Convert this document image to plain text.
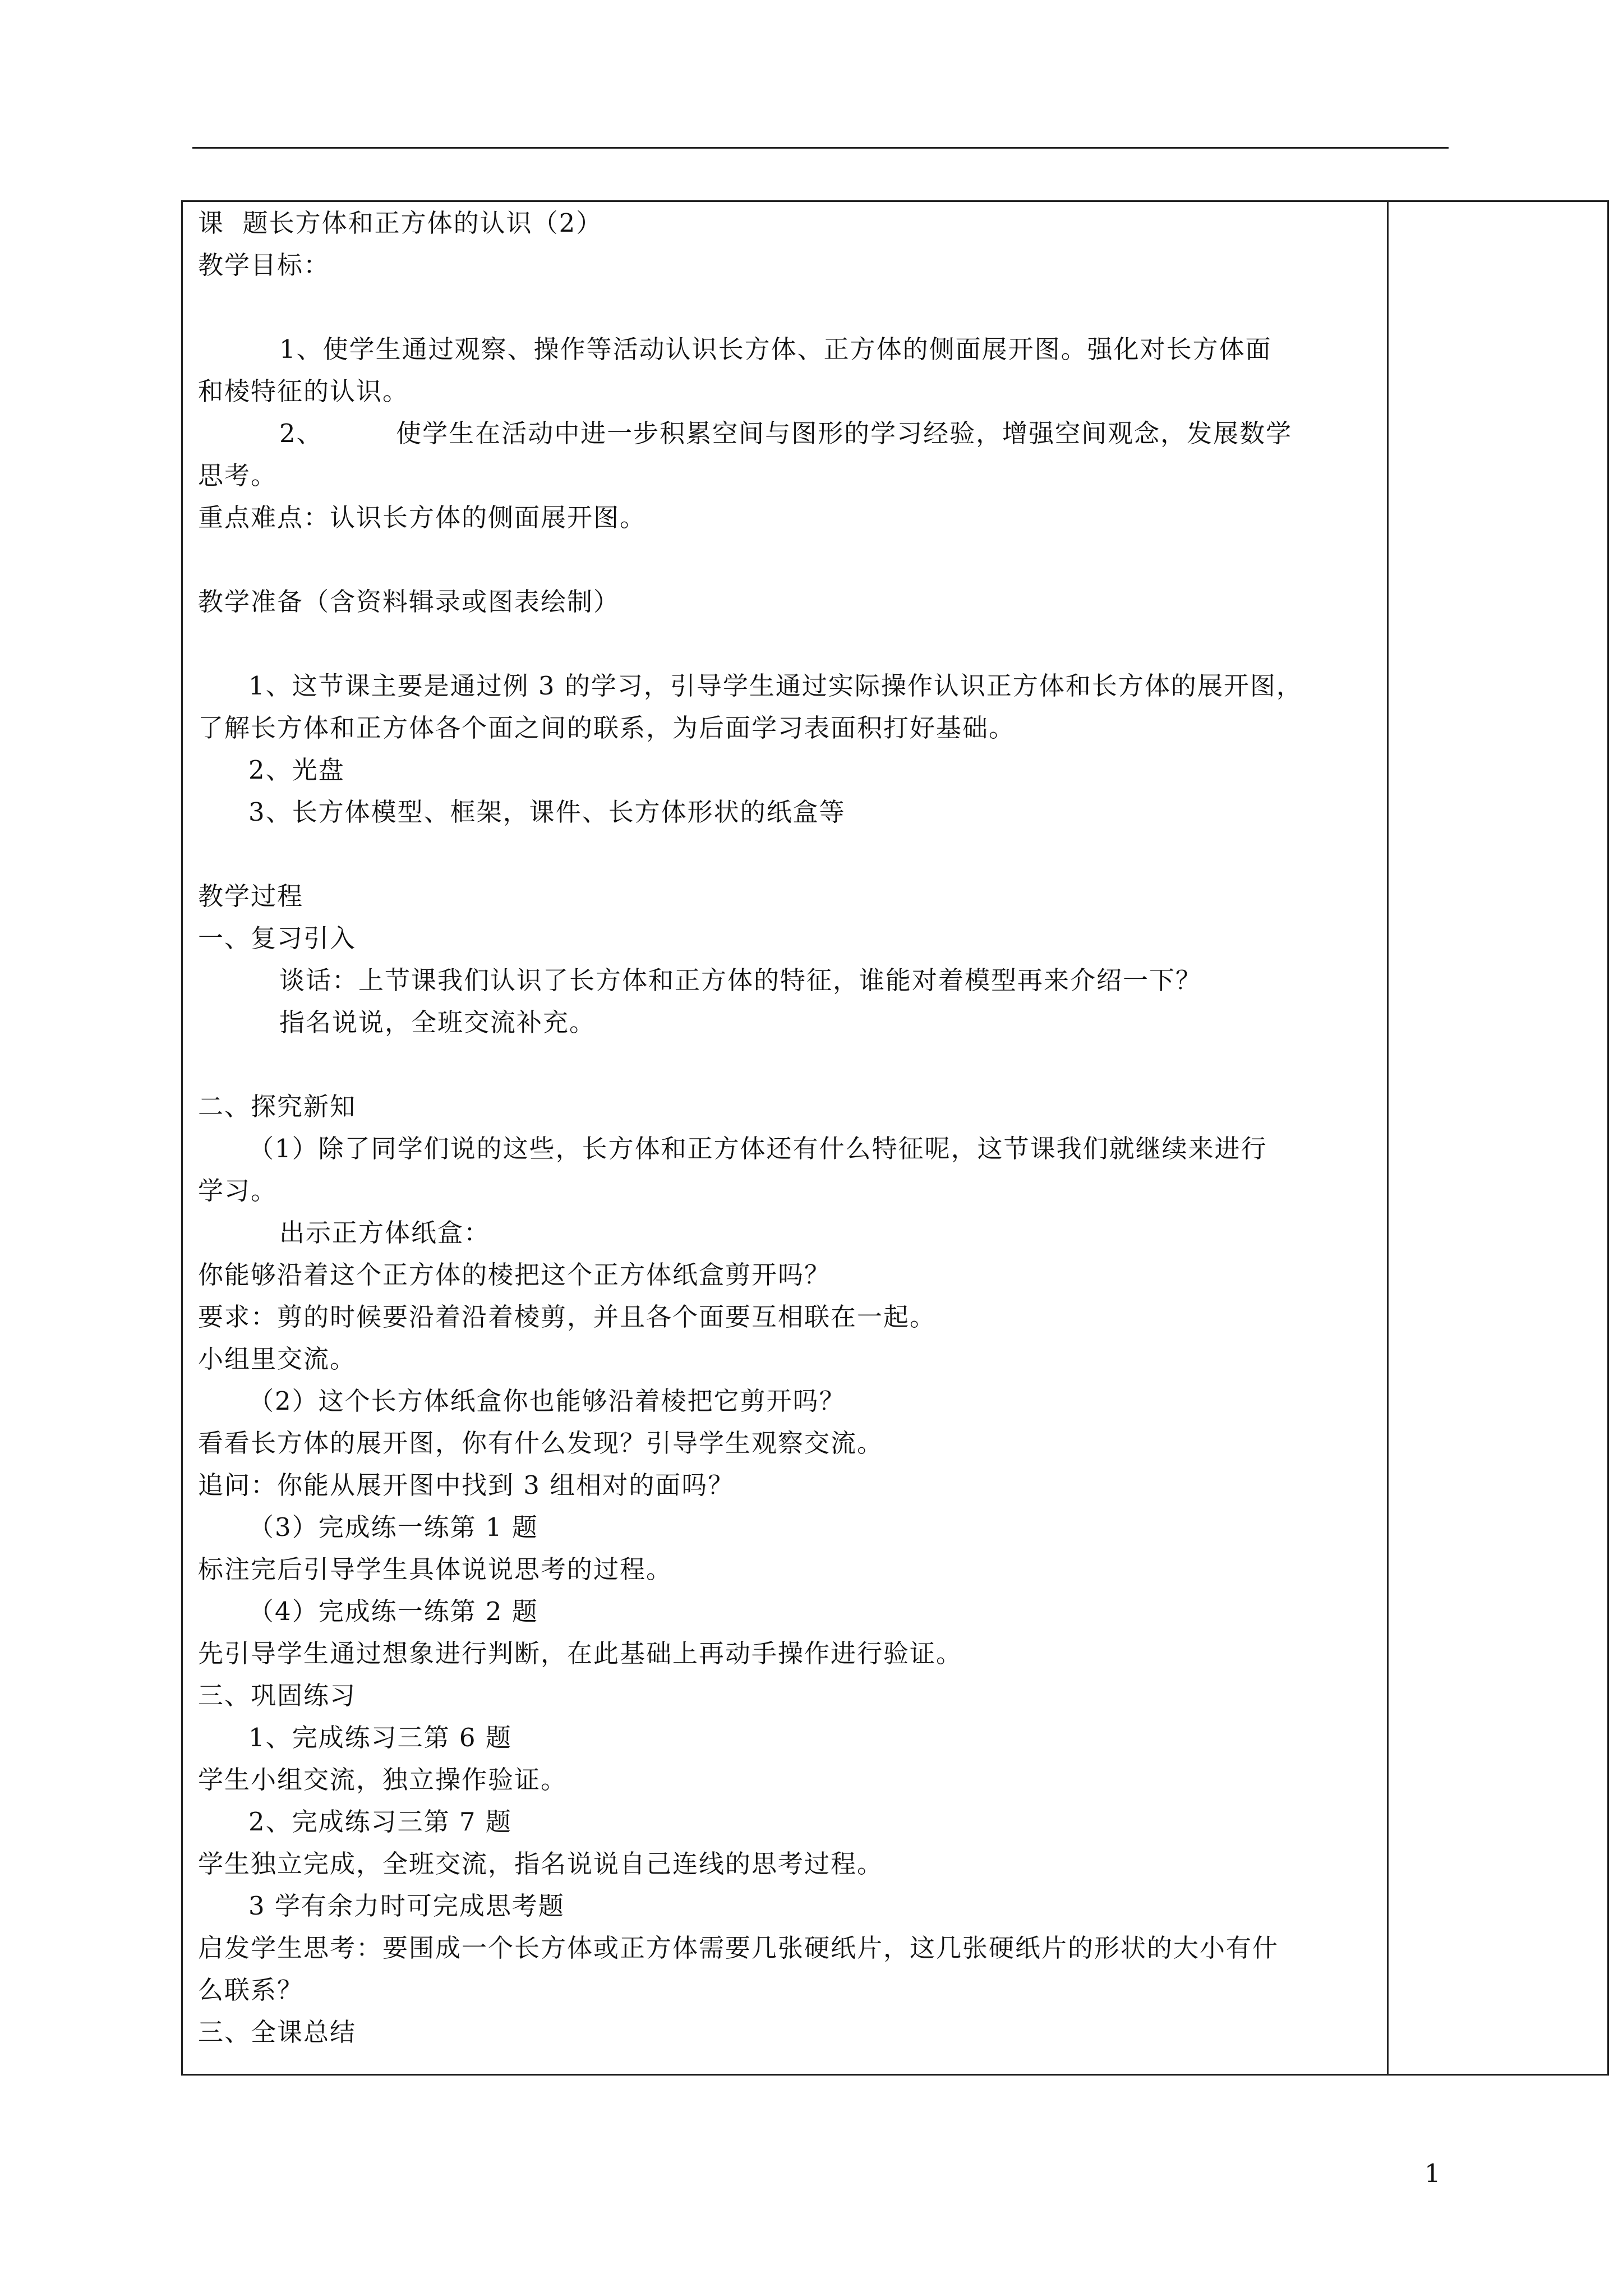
课  题长方体和正方体的认识（2）

教学目标：

1、使学生通过观察、操作等活动认识长方体、正方体的侧面展开图。强化对长方体面

和棱特征的认识。

2、        使学生在活动中进一步积累空间与图形的学习经验，增强空间观念，发展数学

思考。

重点难点：认识长方体的侧面展开图。

教学准备（含资料辑录或图表绘制）

1、这节课主要是通过例 3 的学习，引导学生通过实际操作认识正方体和长方体的展开图，

了解长方体和正方体各个面之间的联系，为后面学习表面积打好基础。

2、光盘

3、长方体模型、框架，课件、长方体形状的纸盒等

教学过程

一、复习引入

谈话：上节课我们认识了长方体和正方体的特征，谁能对着模型再来介绍一下？

指名说说，全班交流补充。

二、探究新知

（1）除了同学们说的这些，长方体和正方体还有什么特征呢，这节课我们就继续来进行

学习。

出示正方体纸盒：

你能够沿着这个正方体的棱把这个正方体纸盒剪开吗？

要求：剪的时候要沿着沿着棱剪，并且各个面要互相联在一起。

小组里交流。

（2）这个长方体纸盒你也能够沿着棱把它剪开吗？

看看长方体的展开图，你有什么发现？引导学生观察交流。

追问：你能从展开图中找到 3 组相对的面吗？

（3）完成练一练第 1 题

标注完后引导学生具体说说思考的过程。

（4）完成练一练第 2 题

先引导学生通过想象进行判断，在此基础上再动手操作进行验证。

三、巩固练习

1、完成练习三第 6 题

学生小组交流，独立操作验证。

2、完成练习三第 7 题

学生独立完成，全班交流，指名说说自己连线的思考过程。

3 学有余力时可完成思考题

启发学生思考：要围成一个长方体或正方体需要几张硬纸片，这几张硬纸片的形状的大小有什

么联系？

三、全课总结

1
